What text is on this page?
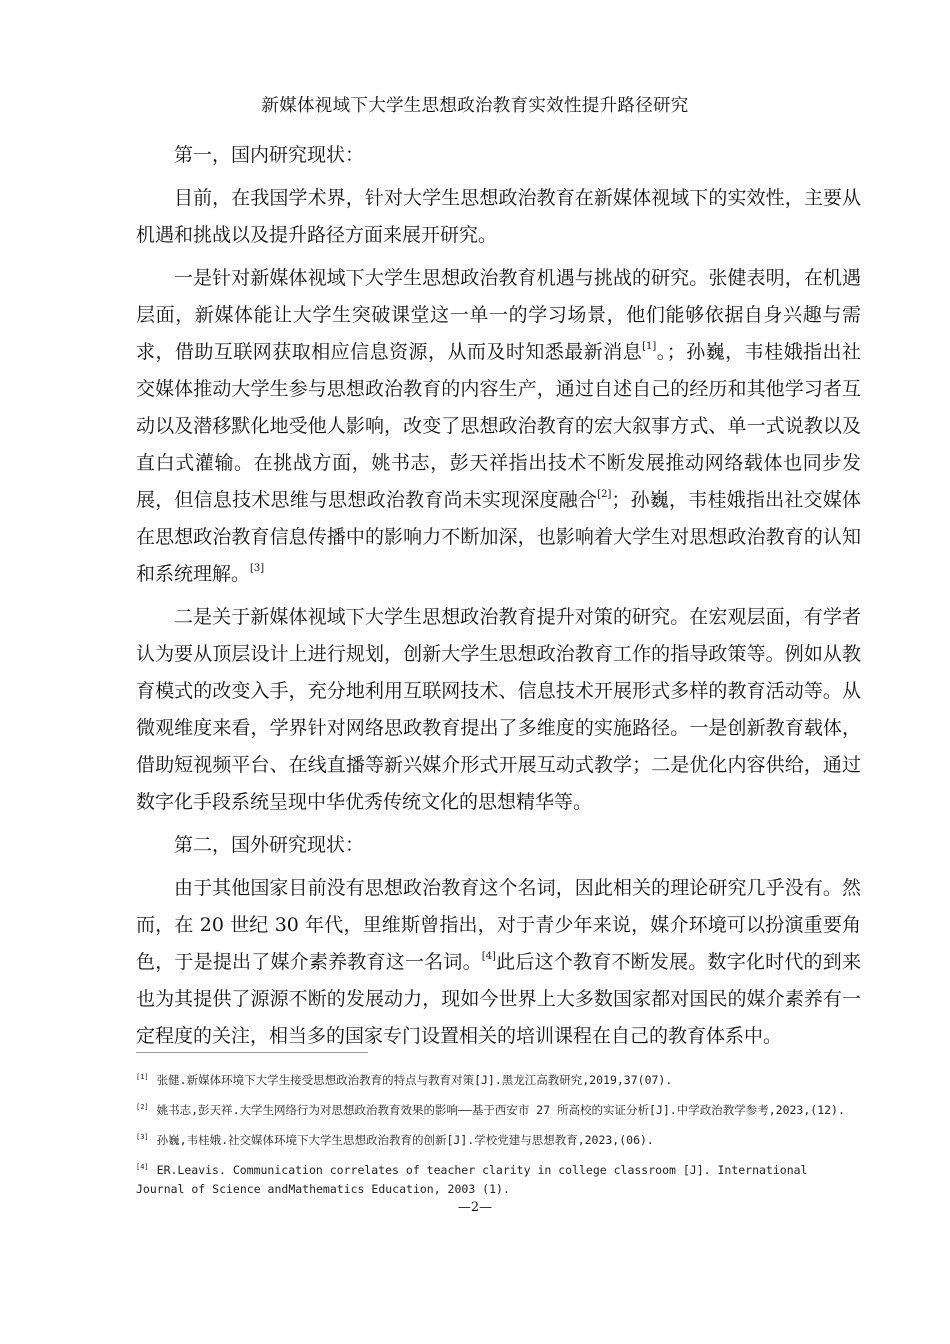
新媒体视域下大学生思想政治教育实效性提升路径研究

第一，国内研究现状：

目前，在我国学术界，针对大学生思想政治教育在新媒体视域下的实效性，主要从机遇和挑战以及提升路径方面来展开研究。

一是针对新媒体视域下大学生思想政治教育机遇与挑战的研究。张健表明，在机遇层面，新媒体能让大学生突破课堂这一单一的学习场景，他们能够依据自身兴趣与需求，借助互联网获取相应信息资源，从而及时知悉最新消息[1]。；孙巍，韦桂娥指出社交媒体推动大学生参与思想政治教育的内容生产，通过自述自己的经历和其他学习者互动以及潜移默化地受他人影响，改变了思想政治教育的宏大叙事方式、单一式说教以及直白式灌输。在挑战方面，姚书志，彭天祥指出技术不断发展推动网络载体也同步发展，但信息技术思维与思想政治教育尚未实现深度融合[2]；孙巍，韦桂娥指出社交媒体在思想政治教育信息传播中的影响力不断加深，也影响着大学生对思想政治教育的认知和系统理解。[3]

二是关于新媒体视域下大学生思想政治教育提升对策的研究。在宏观层面，有学者认为要从顶层设计上进行规划，创新大学生思想政治教育工作的指导政策等。例如从教育模式的改变入手，充分地利用互联网技术、信息技术开展形式多样的教育活动等。从微观维度来看，学界针对网络思政教育提出了多维度的实施路径。一是创新教育载体，借助短视频平台、在线直播等新兴媒介形式开展互动式教学；二是优化内容供给，通过数字化手段系统呈现中华优秀传统文化的思想精华等。

第二，国外研究现状：

由于其他国家目前没有思想政治教育这个名词，因此相关的理论研究几乎没有。然而，在 20 世纪 30 年代，里维斯曾指出，对于青少年来说，媒介环境可以扮演重要角色，于是提出了媒介素养教育这一名词。[4]此后这个教育不断发展。数字化时代的到来也为其提供了源源不断的发展动力，现如今世界上大多数国家都对国民的媒介素养有一定程度的关注，相当多的国家专门设置相关的培训课程在自己的教育体系中。

[1] 张健.新媒体环境下大学生接受思想政治教育的特点与教育对策[J].黑龙江高教研究,2019,37(07).
[2] 姚书志,彭天祥.大学生网络行为对思想政治教育效果的影响——基于西安市 27 所高校的实证分析[J].中学政治教学参考,2023,(12).
[3] 孙巍,韦桂娥.社交媒体环境下大学生思想政治教育的创新[J].学校党建与思想教育,2023,(06).
[4] ER.Leavis. Communication correlates of teacher clarity in college classroom [J]. International Journal of Science andMathematics Education, 2003 (1).
—2—
